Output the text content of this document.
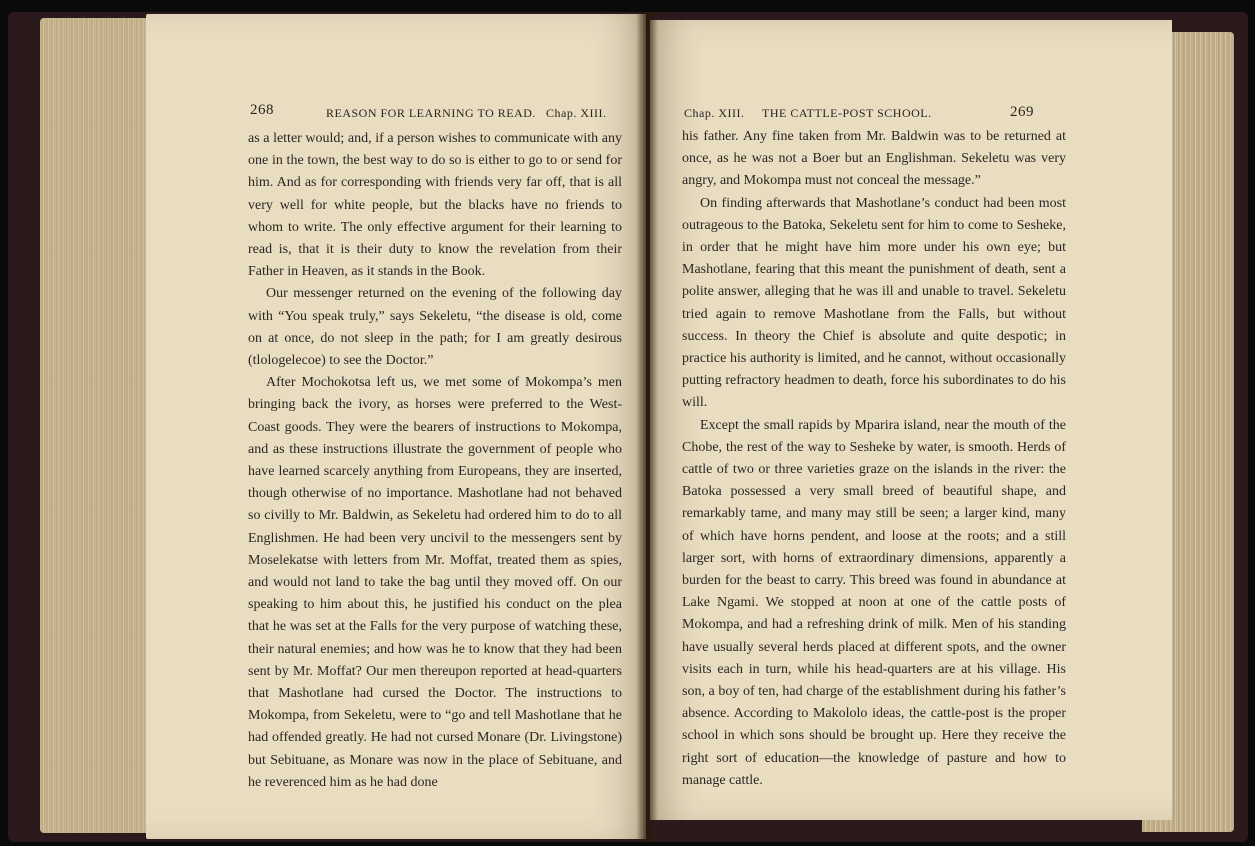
268	REASON FOR LEARNING TO READ. Chap. XIII.

as a letter would; and, if a person wishes to communicate with any one in the town, the best way to do so is either to go to or send for him. And as for corresponding with friends very far off, that is all very well for white people, but the blacks have no friends to whom to write. The only effective argument for their learning to read is, that it is their duty to know the revelation from their Father in Heaven, as it stands in the Book.

Our messenger returned on the evening of the following day with “You speak truly,” says Sekeletu, “the disease is old, come on at once, do not sleep in the path; for I am greatly desirous (tlologelecoe) to see the Doctor.”

After Mochokotsa left us, we met some of Mokompa’s men bringing back the ivory, as horses were preferred to the West-Coast goods. They were the bearers of instructions to Mokompa, and as these instructions illustrate the government of people who have learned scarcely anything from Europeans, they are inserted, though otherwise of no importance. Mashotlane had not behaved so civilly to Mr. Baldwin, as Sekeletu had ordered him to do to all Englishmen. He had been very uncivil to the messengers sent by Moselekatse with letters from Mr. Moffat, treated them as spies, and would not land to take the bag until they moved off. On our speaking to him about this, he justified his conduct on the plea that he was set at the Falls for the very purpose of watching these, their natural enemies; and how was he to know that they had been sent by Mr. Moffat? Our men thereupon reported at head-quarters that Mashotlane had cursed the Doctor. The instructions to Mokompa, from Sekeletu, were to “go and tell Mashotlane that he had offended greatly. He had not cursed Monare (Dr. Livingstone) but Sebituane, as Monare was now in the place of Sebituane, and he reverenced him as he had done

Chap. XIII. THE CATTLE-POST SCHOOL.	269

his father. Any fine taken from Mr. Baldwin was to be returned at once, as he was not a Boer but an Englishman. Sekeletu was very angry, and Mokompa must not conceal the message.”

On finding afterwards that Mashotlane’s conduct had been most outrageous to the Batoka, Sekeletu sent for him to come to Sesheke, in order that he might have him more under his own eye; but Mashotlane, fearing that this meant the punishment of death, sent a polite answer, alleging that he was ill and unable to travel. Sekeletu tried again to remove Mashotlane from the Falls, but without success. In theory the Chief is absolute and quite despotic; in practice his authority is limited, and he cannot, without occasionally putting refractory headmen to death, force his subordinates to do his will.

Except the small rapids by Mparira island, near the mouth of the Chobe, the rest of the way to Sesheke by water, is smooth. Herds of cattle of two or three varieties graze on the islands in the river: the Batoka possessed a very small breed of beautiful shape, and remarkably tame, and many may still be seen; a larger kind, many of which have horns pendent, and loose at the roots; and a still larger sort, with horns of extraordinary dimensions, apparently a burden for the beast to carry. This breed was found in abundance at Lake Ngami. We stopped at noon at one of the cattle posts of Mokompa, and had a refreshing drink of milk. Men of his standing have usually several herds placed at different spots, and the owner visits each in turn, while his head-quarters are at his village. His son, a boy of ten, had charge of the establishment during his father’s absence. According to Makololo ideas, the cattle-post is the proper school in which sons should be brought up. Here they receive the right sort of education—the knowledge of pasture and how to manage cattle.
